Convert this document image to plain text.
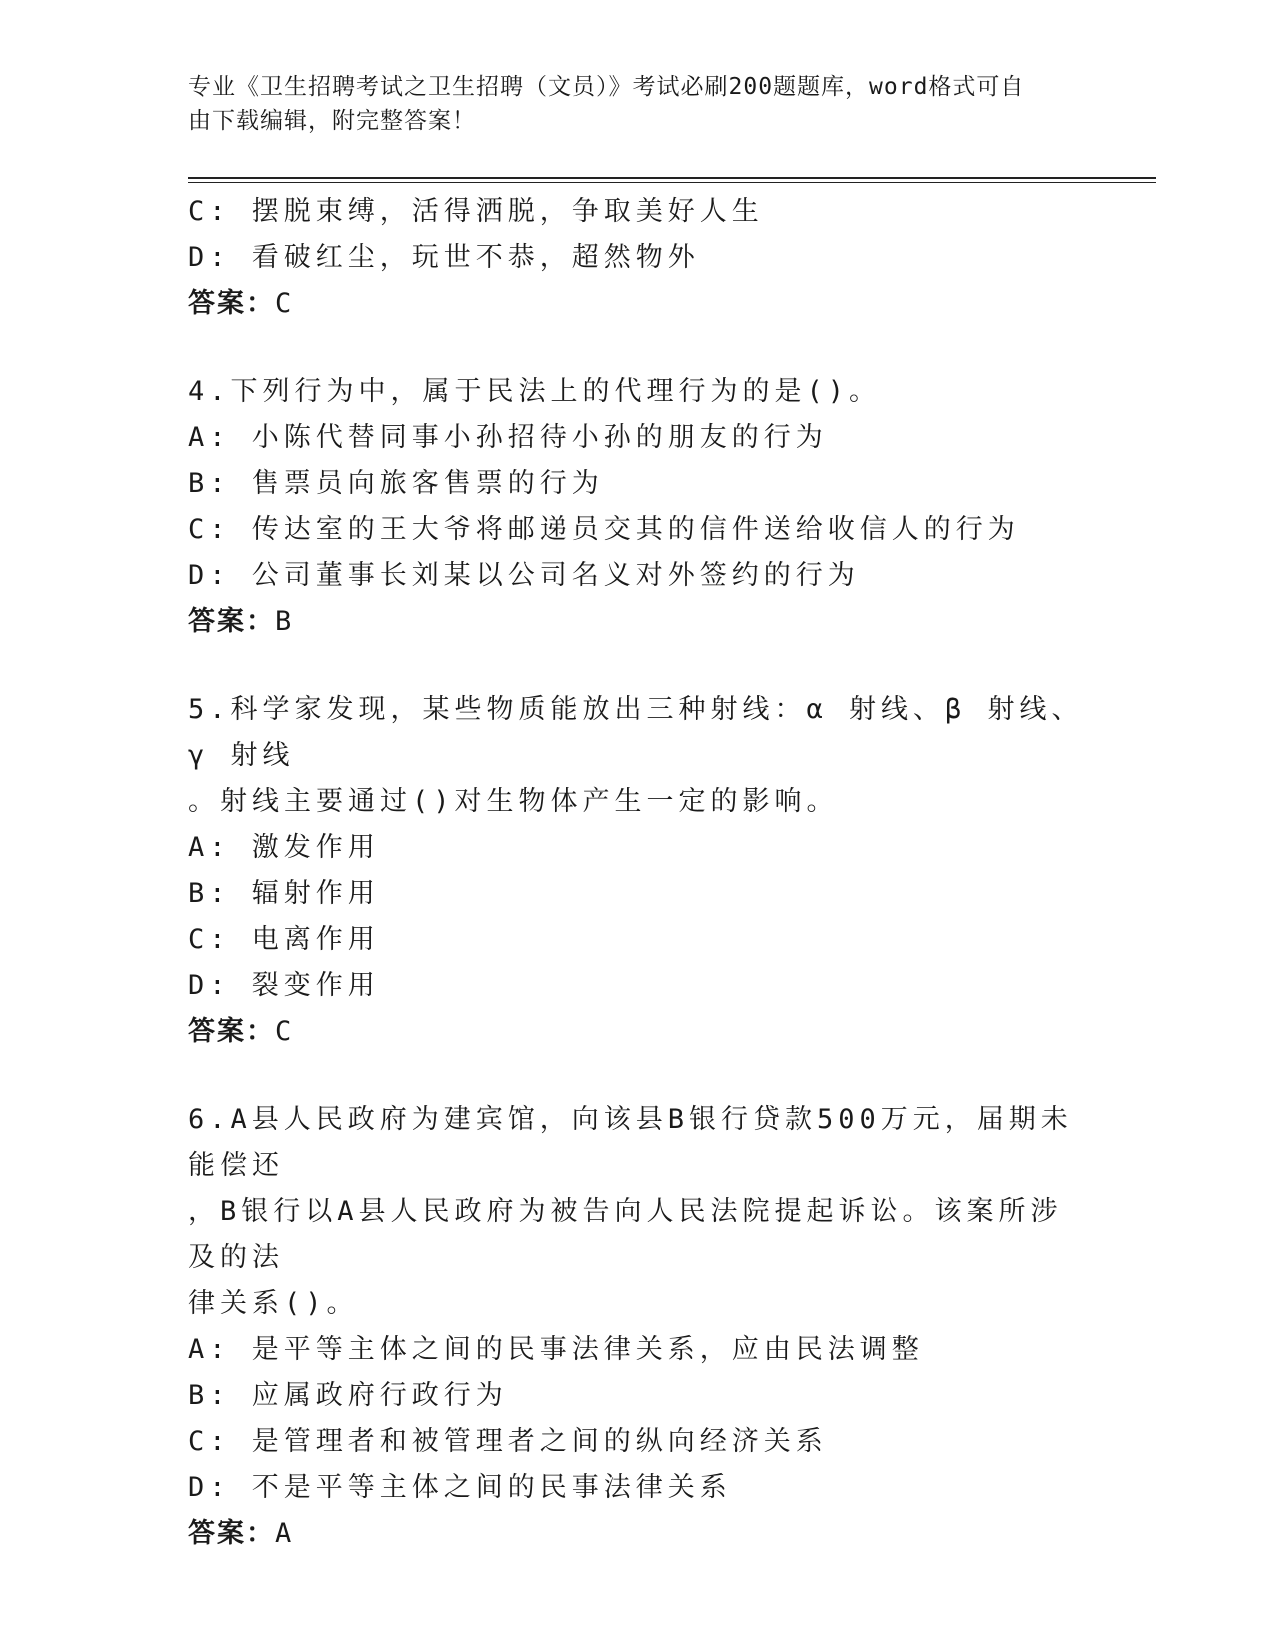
专业《卫生招聘考试之卫生招聘（文员）》考试必刷200题题库，word格式可自
由下载编辑，附完整答案！
C: 摆脱束缚，活得洒脱，争取美好人生
D: 看破红尘，玩世不恭，超然物外
答案：C
4.下列行为中，属于民法上的代理行为的是()。
A: 小陈代替同事小孙招待小孙的朋友的行为
B: 售票员向旅客售票的行为
C: 传达室的王大爷将邮递员交其的信件送给收信人的行为
D: 公司董事长刘某以公司名义对外签约的行为
答案：B
5.科学家发现，某些物质能放出三种射线：α 射线、β 射线、γ 射线
。射线主要通过()对生物体产生一定的影响。
A: 激发作用
B: 辐射作用
C: 电离作用
D: 裂变作用
答案：C
6.A县人民政府为建宾馆，向该县B银行贷款500万元，届期未能偿还
，B银行以A县人民政府为被告向人民法院提起诉讼。该案所涉及的法
律关系()。
A: 是平等主体之间的民事法律关系，应由民法调整
B: 应属政府行政行为
C: 是管理者和被管理者之间的纵向经济关系
D: 不是平等主体之间的民事法律关系
答案：A
